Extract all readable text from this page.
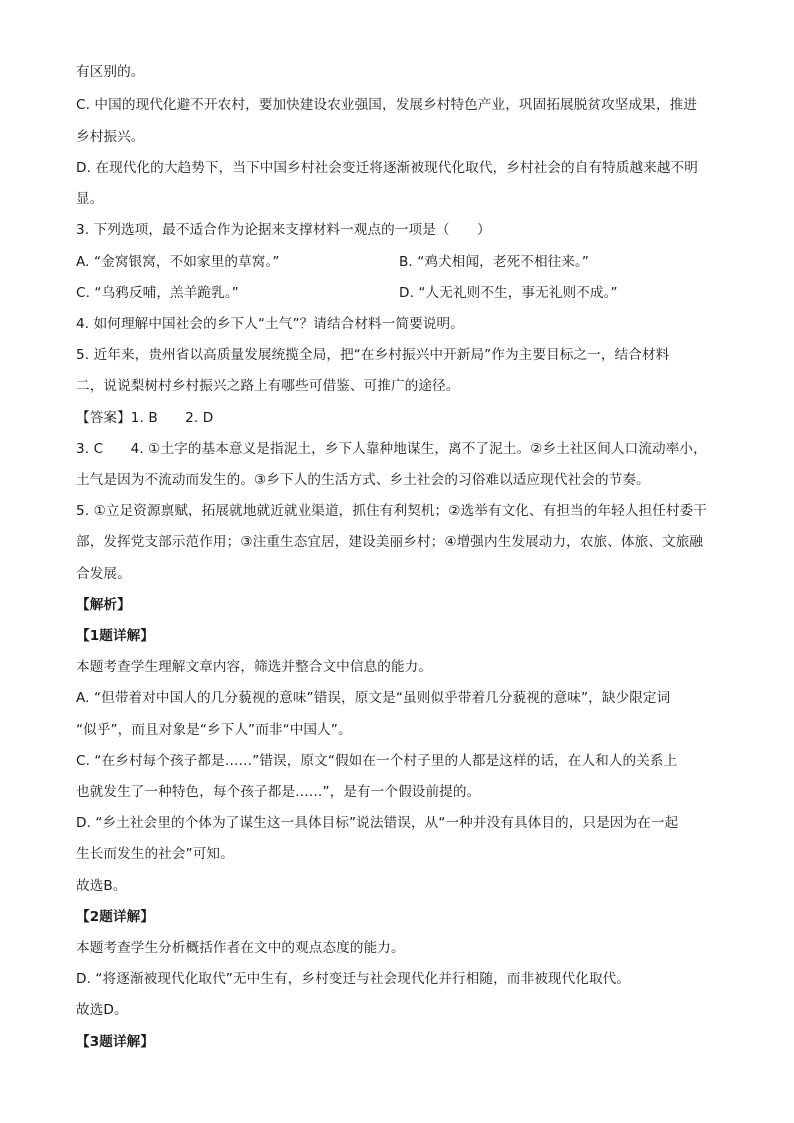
有区别的。
C. 中国的现代化避不开农村，要加快建设农业强国，发展乡村特色产业，巩固拓展脱贫攻坚成果，推进
乡村振兴。
D. 在现代化的大趋势下，当下中国乡村社会变迁将逐渐被现代化取代，乡村社会的自有特质越来越不明
显。
3. 下列选项，最不适合作为论据来支撑材料一观点的一项是（　　）
A. “金窝银窝，不如家里的草窝。”	B. “鸡犬相闻，老死不相往来。”
C. “乌鸦反哺，羔羊跪乳。”	D. “人无礼则不生，事无礼则不成。”
4. 如何理解中国社会的乡下人“土气”？请结合材料一简要说明。
5. 近年来，贵州省以高质量发展统揽全局，把“在乡村振兴中开新局”作为主要目标之一，结合材料
二，说说梨树村乡村振兴之路上有哪些可借鉴、可推广的途径。
【答案】1. B　　2. D
3. C　　4. ①土字的基本意义是指泥土，乡下人靠种地谋生，离不了泥土。②乡土社区间人口流动率小，
土气是因为不流动而发生的。③乡下人的生活方式、乡土社会的习俗难以适应现代社会的节奏。
5. ①立足资源禀赋，拓展就地就近就业渠道，抓住有利契机；②选举有文化、有担当的年轻人担任村委干
部，发挥党支部示范作用；③注重生态宜居，建设美丽乡村；④增强内生发展动力，农旅、体旅、文旅融
合发展。
【解析】
【1题详解】
本题考查学生理解文章内容，筛选并整合文中信息的能力。
A. “但带着对中国人的几分藐视的意味”错误，原文是“虽则似乎带着几分藐视的意味”，缺少限定词
“似乎”，而且对象是“乡下人”而非“中国人”。
C. “在乡村每个孩子都是……”错误，原文“假如在一个村子里的人都是这样的话，在人和人的关系上
也就发生了一种特色，每个孩子都是……”，是有一个假设前提的。
D. “乡土社会里的个体为了谋生这一具体目标”说法错误，从“一种并没有具体目的，只是因为在一起
生长而发生的社会”可知。
故选B。
【2题详解】
本题考查学生分析概括作者在文中的观点态度的能力。
D. “将逐渐被现代化取代”无中生有，乡村变迁与社会现代化并行相随，而非被现代化取代。
故选D。
【3题详解】
